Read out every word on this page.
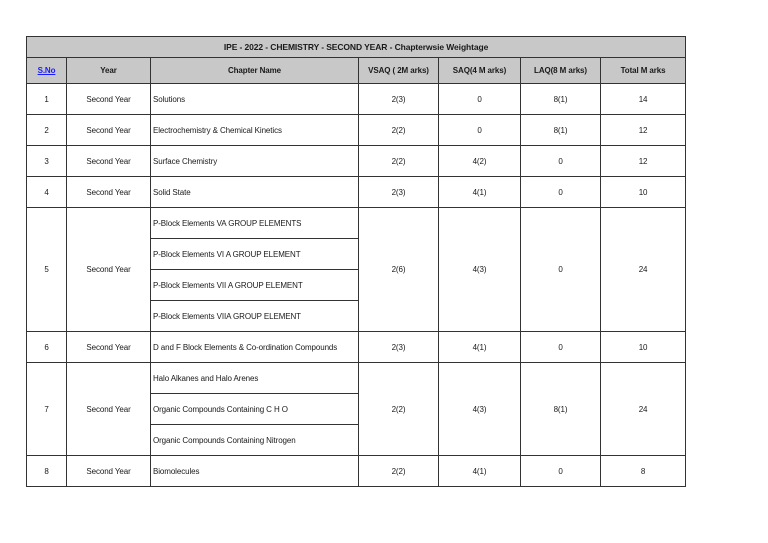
IPE - 2022 - CHEMISTRY - SECOND YEAR - Chapterwsie Weightage						
S.No	Year	Chapter Name	VSAQ ( 2M arks)	SAQ(4 M arks)	LAQ(8 M arks)	Total M arks
1	Second Year	Solutions	2(3)	0	8(1)	14
2	Second Year	Electrochemistry & Chemical Kinetics	2(2)	0	8(1)	12
3	Second Year	Surface Chemistry	2(2)	4(2)	0	12
4	Second Year	Solid State	2(3)	4(1)	0	10
5	Second Year	P-Block Elements VA GROUP ELEMENTS	2(6)	4(3)	0	24
		P-Block Elements VI A GROUP ELEMENT				
		P-Block Elements VII A GROUP ELEMENT				
		P-Block Elements VIIA GROUP ELEMENT				
6	Second Year	D and F Block Elements & Co-ordination Compounds	2(3)	4(1)	0	10
7	Second Year	Halo Alkanes and Halo Arenes	2(2)	4(3)	8(1)	24
		Organic Compounds Containing C H O				
		Organic Compounds Containing Nitrogen				
8	Second Year	Biomolecules	2(2)	4(1)	0	8
